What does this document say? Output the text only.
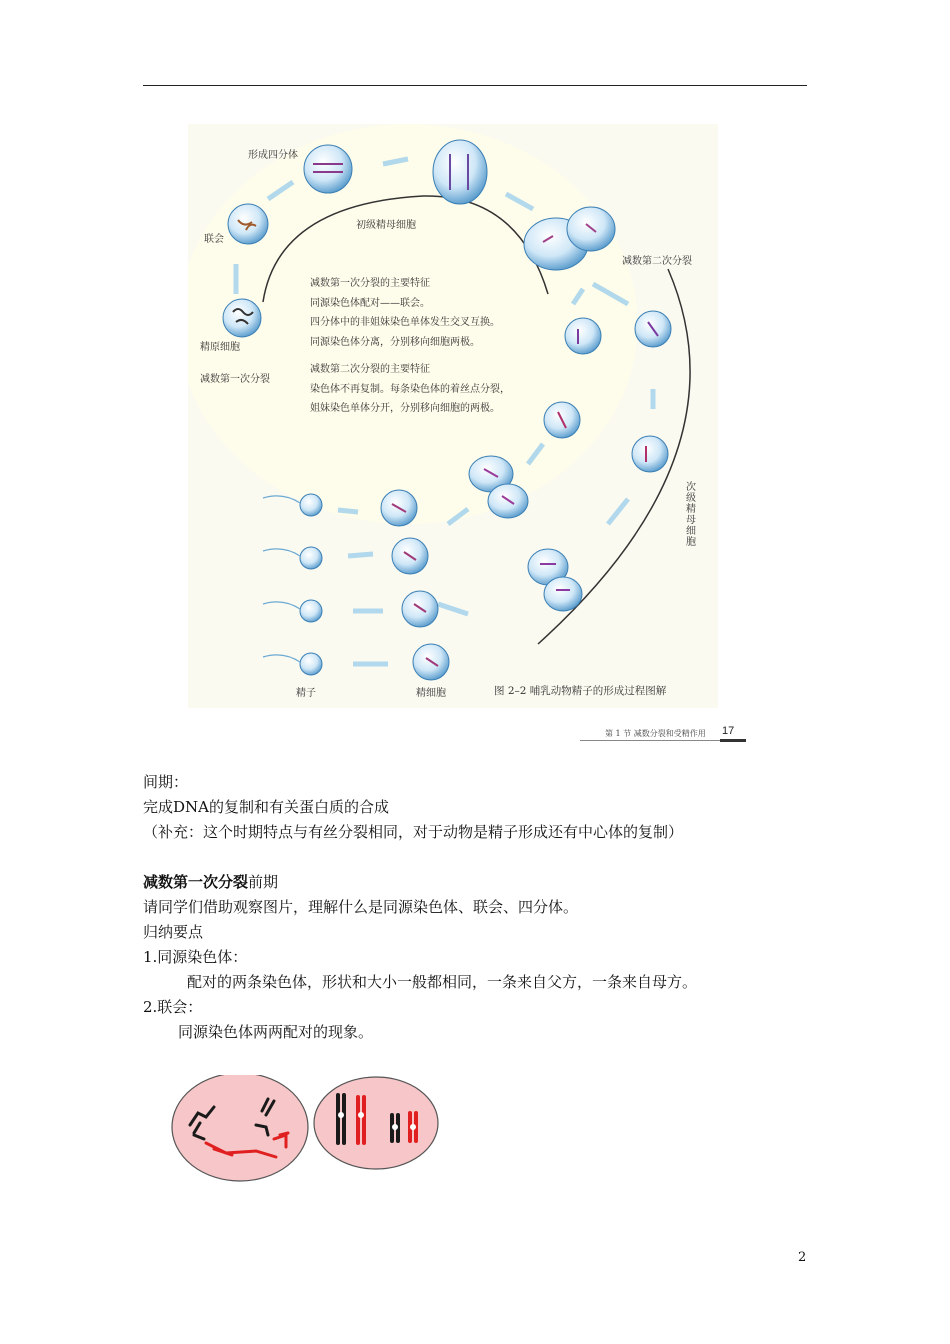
形成四分体
联会
初级精母细胞
精原细胞
减数第一次分裂
减数第二次分裂
次级精母细胞
精子	精细胞	图 2–2 哺乳动物精子的形成过程图解
减数第一次分裂的主要特征
同源染色体配对——联会。
四分体中的非姐妹染色单体发生交叉互换。
同源染色体分离，分别移向细胞两极。
减数第二次分裂的主要特征
染色体不再复制。每条染色体的着丝点分裂，
姐妹染色单体分开，分别移向细胞的两极。
第 1 节 减数分裂和受精作用 17

间期：

完成DNA的复制和有关蛋白质的合成

（补充：这个时期特点与有丝分裂相同，对于动物是精子形成还有中心体的复制）

减数第一次分裂前期

请同学们借助观察图片，理解什么是同源染色体、联会、四分体。

归纳要点

1.同源染色体：

配对的两条染色体，形状和大小一般都相同，一条来自父方，一条来自母方。

2.联会：

同源染色体两两配对的现象。

2
